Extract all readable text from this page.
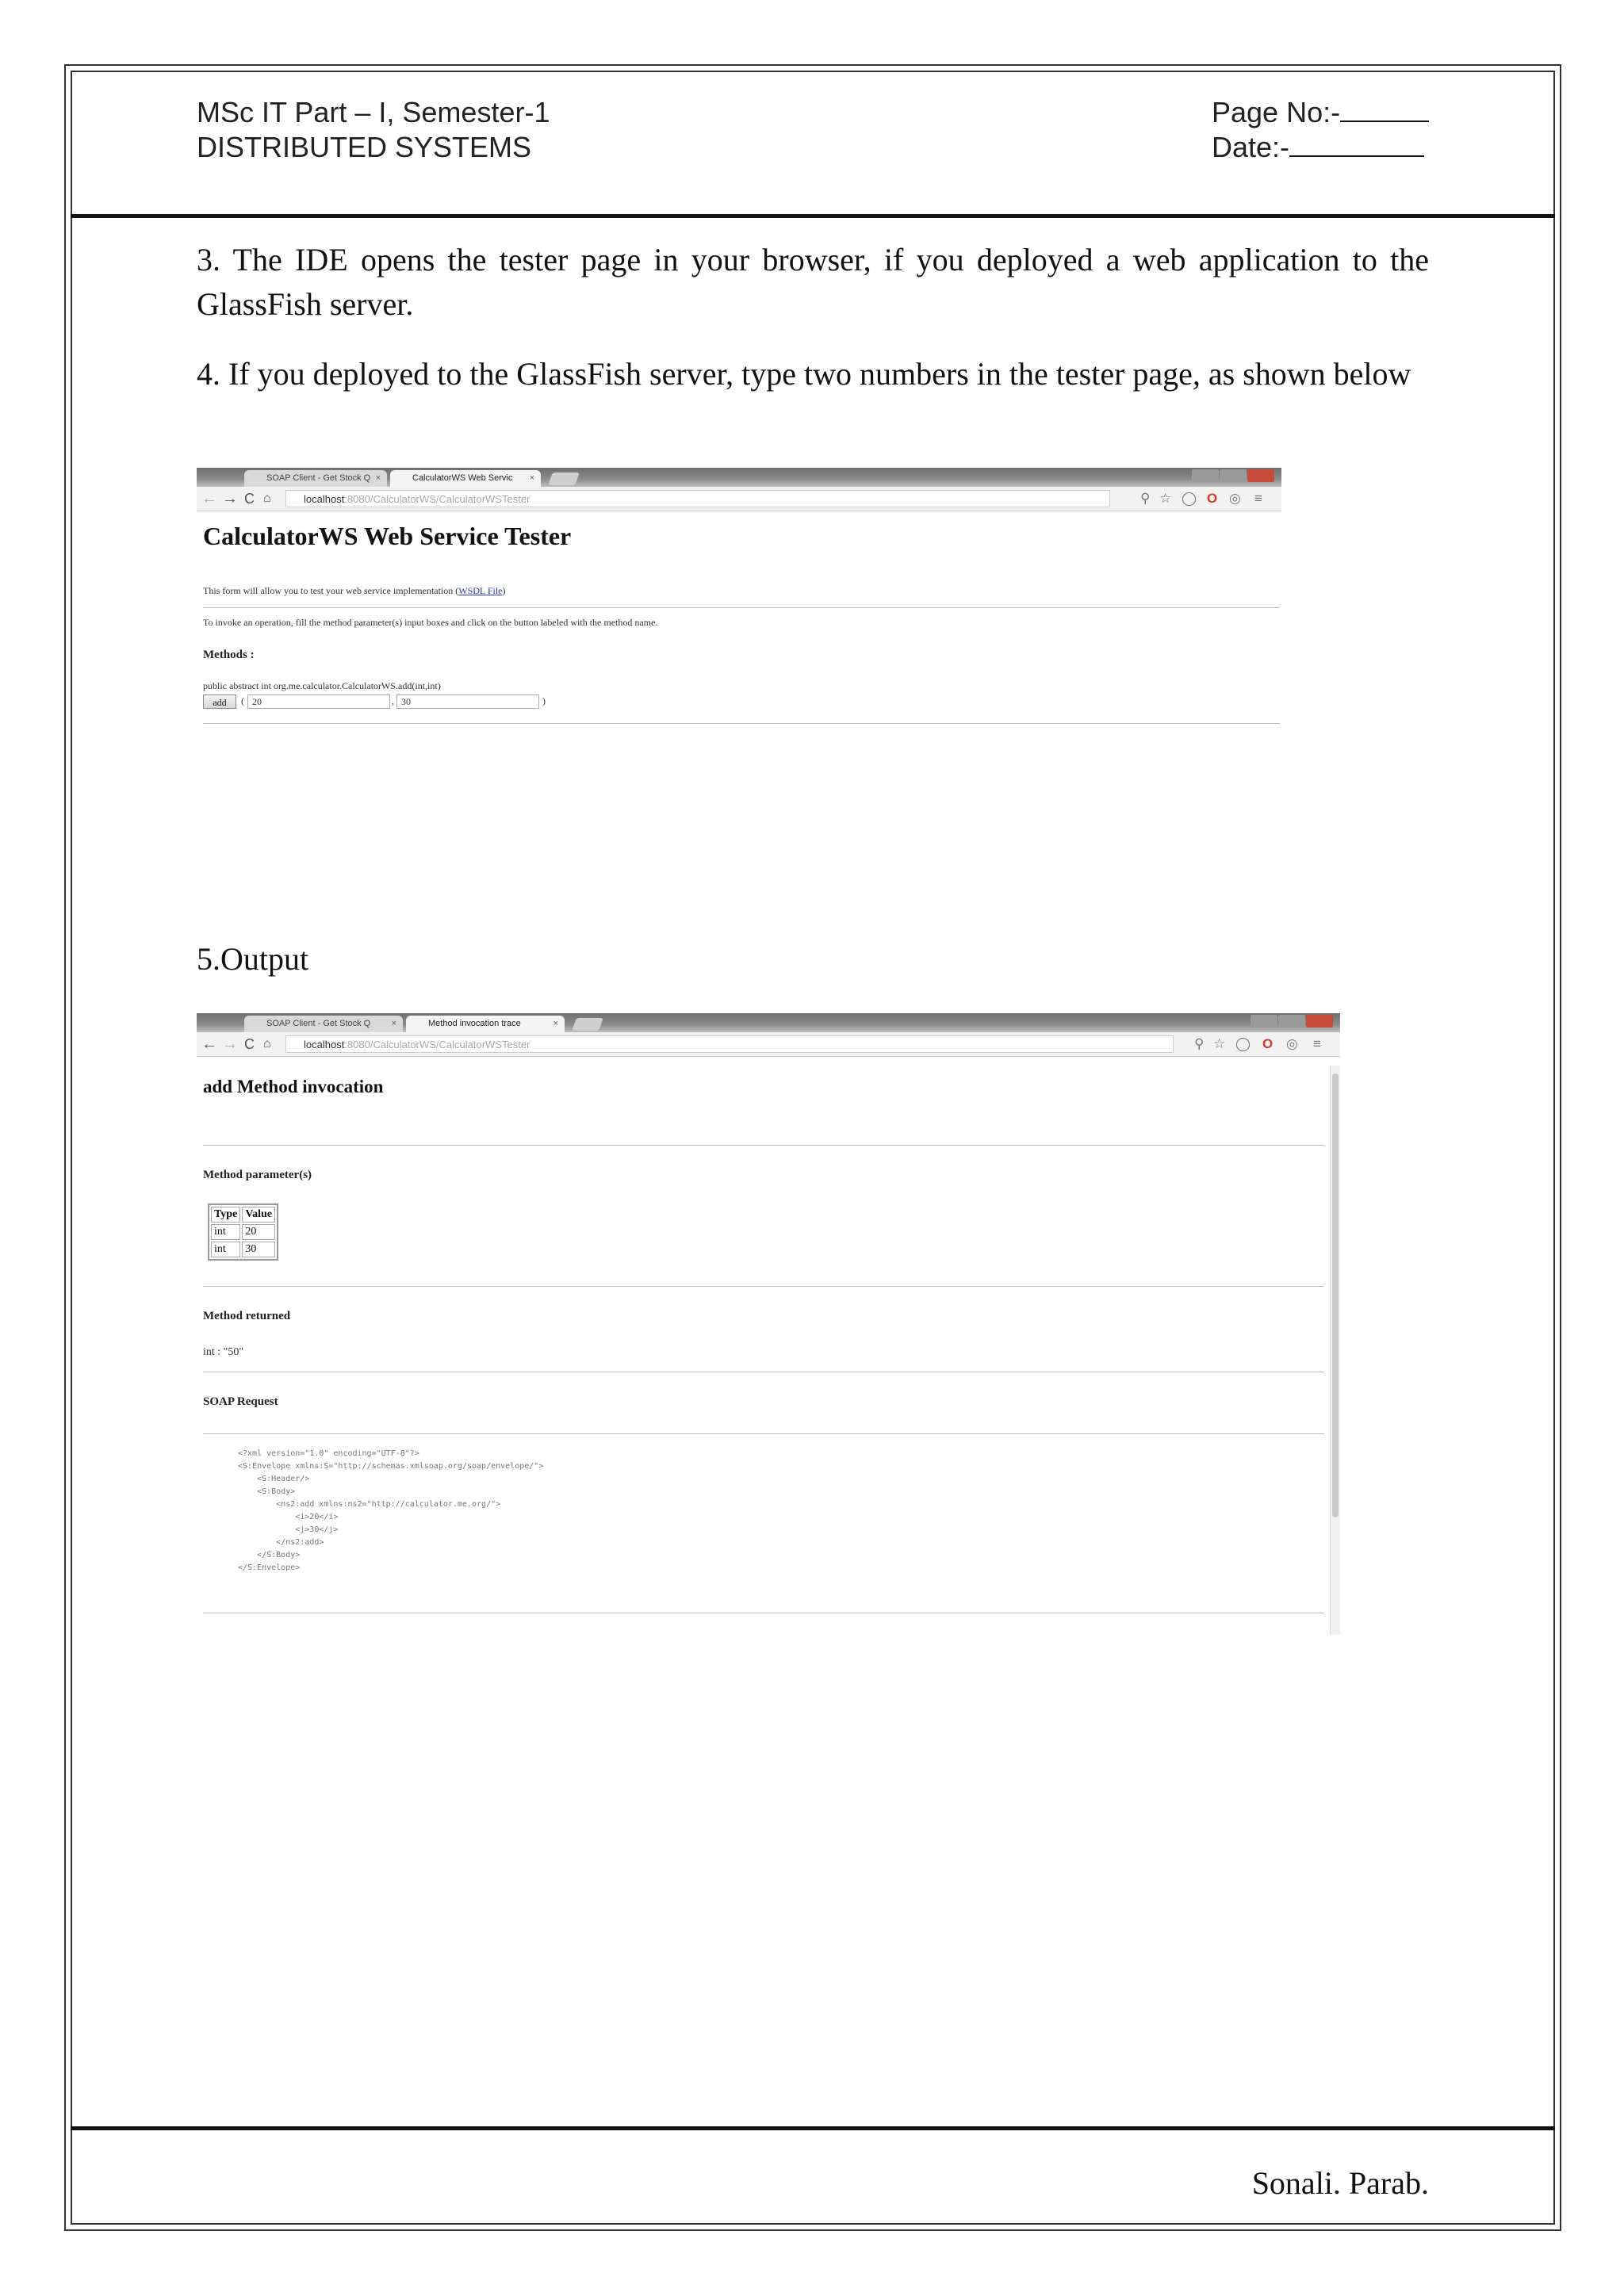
MSc IT Part – I, Semester-1
DISTRIBUTED SYSTEMS
Page No:-
Date:-
3. The IDE opens the tester page in your browser, if you deployed a web application to the GlassFish server.
4. If you deployed to the GlassFish server, type two numbers in the tester page, as shown below
SOAP Client - Get Stock Q ×	CalculatorWS Web Servic ×
← → C ⌂	localhost:8080/CalculatorWS/CalculatorWSTester	⚲ ☆ ◯ O ◎ ≡
CalculatorWS Web Service Tester
This form will allow you to test your web service implementation (WSDL File)
To invoke an operation, fill the method parameter(s) input boxes and click on the button labeled with the method name.
Methods :
public abstract int org.me.calculator.CalculatorWS.add(int,int)
add	( 20	, 30	)
5.Output
SOAP Client - Get Stock Q ×	Method invocation trace	×
← → C ⌂	localhost:8080/CalculatorWS/CalculatorWSTester	⚲ ☆ ◯ O ◎ ≡
add Method invocation
Method parameter(s)
Type	Value
int	20
int	30
Method returned
int : "50"
SOAP Request
<?xml version="1.0" encoding="UTF-8"?>
<S:Envelope xmlns:S="http://schemas.xmlsoap.org/soap/envelope/">
<S:Header/>
<S:Body>
<ns2:add xmlns:ns2="http://calculator.me.org/">
<i>20</i>
<j>30</j>
</ns2:add>
</S:Body>
</S:Envelope>
Sonali. Parab.
